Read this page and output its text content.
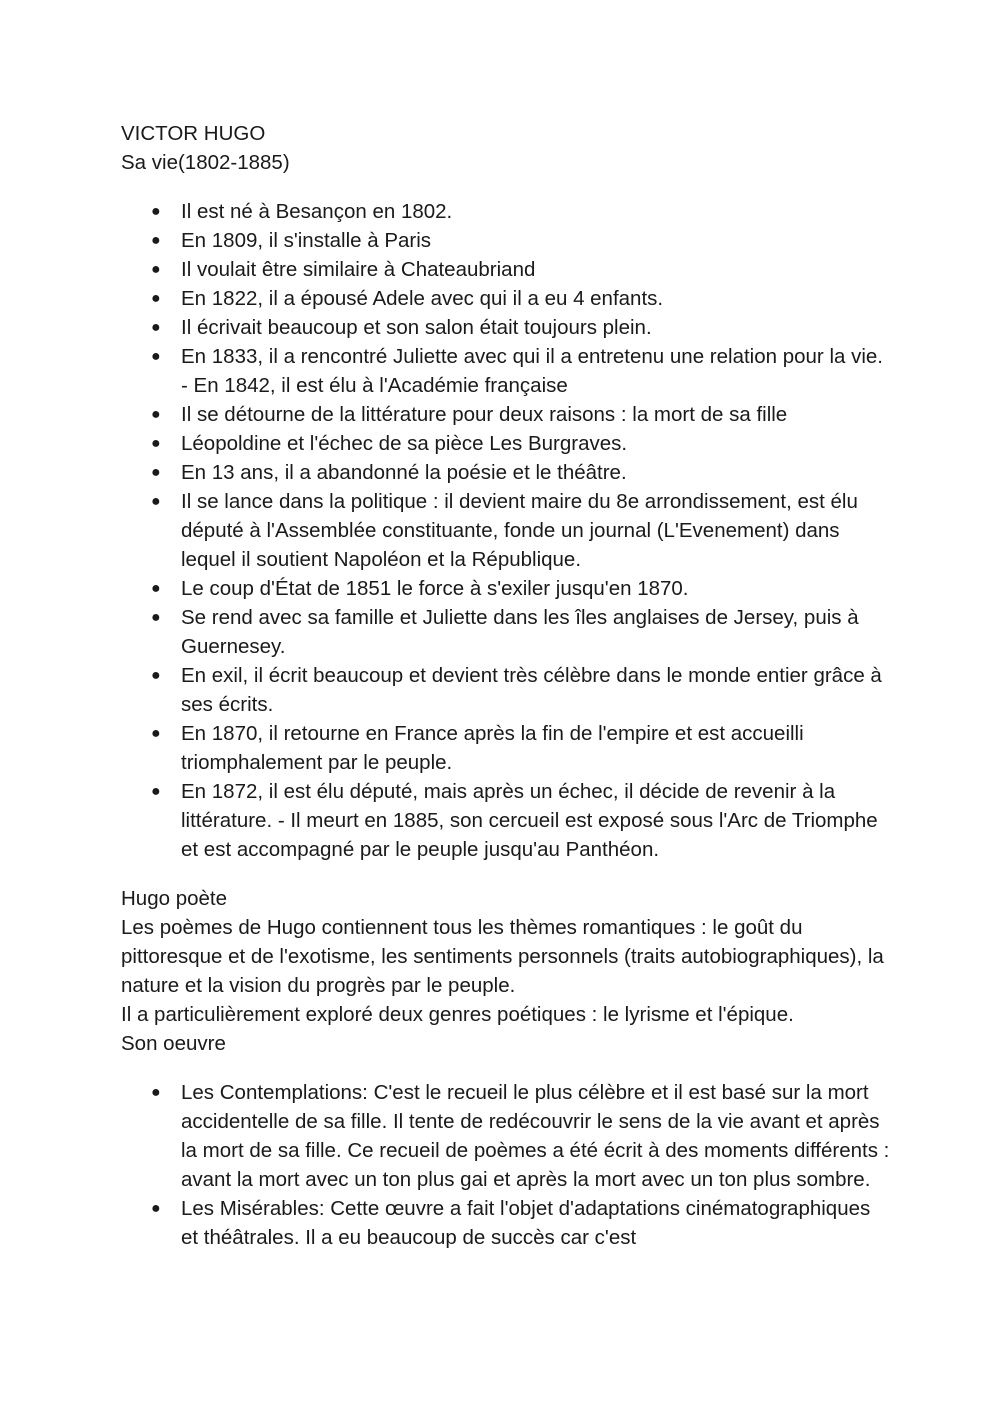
VICTOR HUGO

Sa vie(1802-1885)

● Il est né à Besançon en 1802.
● En 1809, il s'installe à Paris
● Il voulait être similaire à Chateaubriand
● En 1822, il a épousé Adele avec qui il a eu 4 enfants.
● Il écrivait beaucoup et son salon était toujours plein.
● En 1833, il a rencontré Juliette avec qui il a entretenu une relation pour la vie. - En 1842, il est élu à l'Académie française
● Il se détourne de la littérature pour deux raisons : la mort de sa fille
● Léopoldine et l'échec de sa pièce Les Burgraves.
● En 13 ans, il a abandonné la poésie et le théâtre.
● Il se lance dans la politique : il devient maire du 8e arrondissement, est élu député à l'Assemblée constituante, fonde un journal (L'Evenement) dans lequel il soutient Napoléon et la République.
● Le coup d'État de 1851 le force à s'exiler jusqu'en 1870.
● Se rend avec sa famille et Juliette dans les îles anglaises de Jersey, puis à Guernesey.
● En exil, il écrit beaucoup et devient très célèbre dans le monde entier grâce à ses écrits.
● En 1870, il retourne en France après la fin de l'empire et est accueilli triomphalement par le peuple.
● En 1872, il est élu député, mais après un échec, il décide de revenir à la littérature. - Il meurt en 1885, son cercueil est exposé sous l'Arc de Triomphe et est accompagné par le peuple jusqu'au Panthéon.

Hugo poète

Les poèmes de Hugo contiennent tous les thèmes romantiques : le goût du pittoresque et de l'exotisme, les sentiments personnels (traits autobiographiques), la nature et la vision du progrès par le peuple.

Il a particulièrement exploré deux genres poétiques : le lyrisme et l'épique.

Son oeuvre

● Les Contemplations: C'est le recueil le plus célèbre et il est basé sur la mort accidentelle de sa fille. Il tente de redécouvrir le sens de la vie avant et après la mort de sa fille. Ce recueil de poèmes a été écrit à des moments différents : avant la mort avec un ton plus gai et après la mort avec un ton plus sombre.
● Les Misérables: Cette œuvre a fait l'objet d'adaptations cinématographiques et théâtrales. Il a eu beaucoup de succès car c'est
